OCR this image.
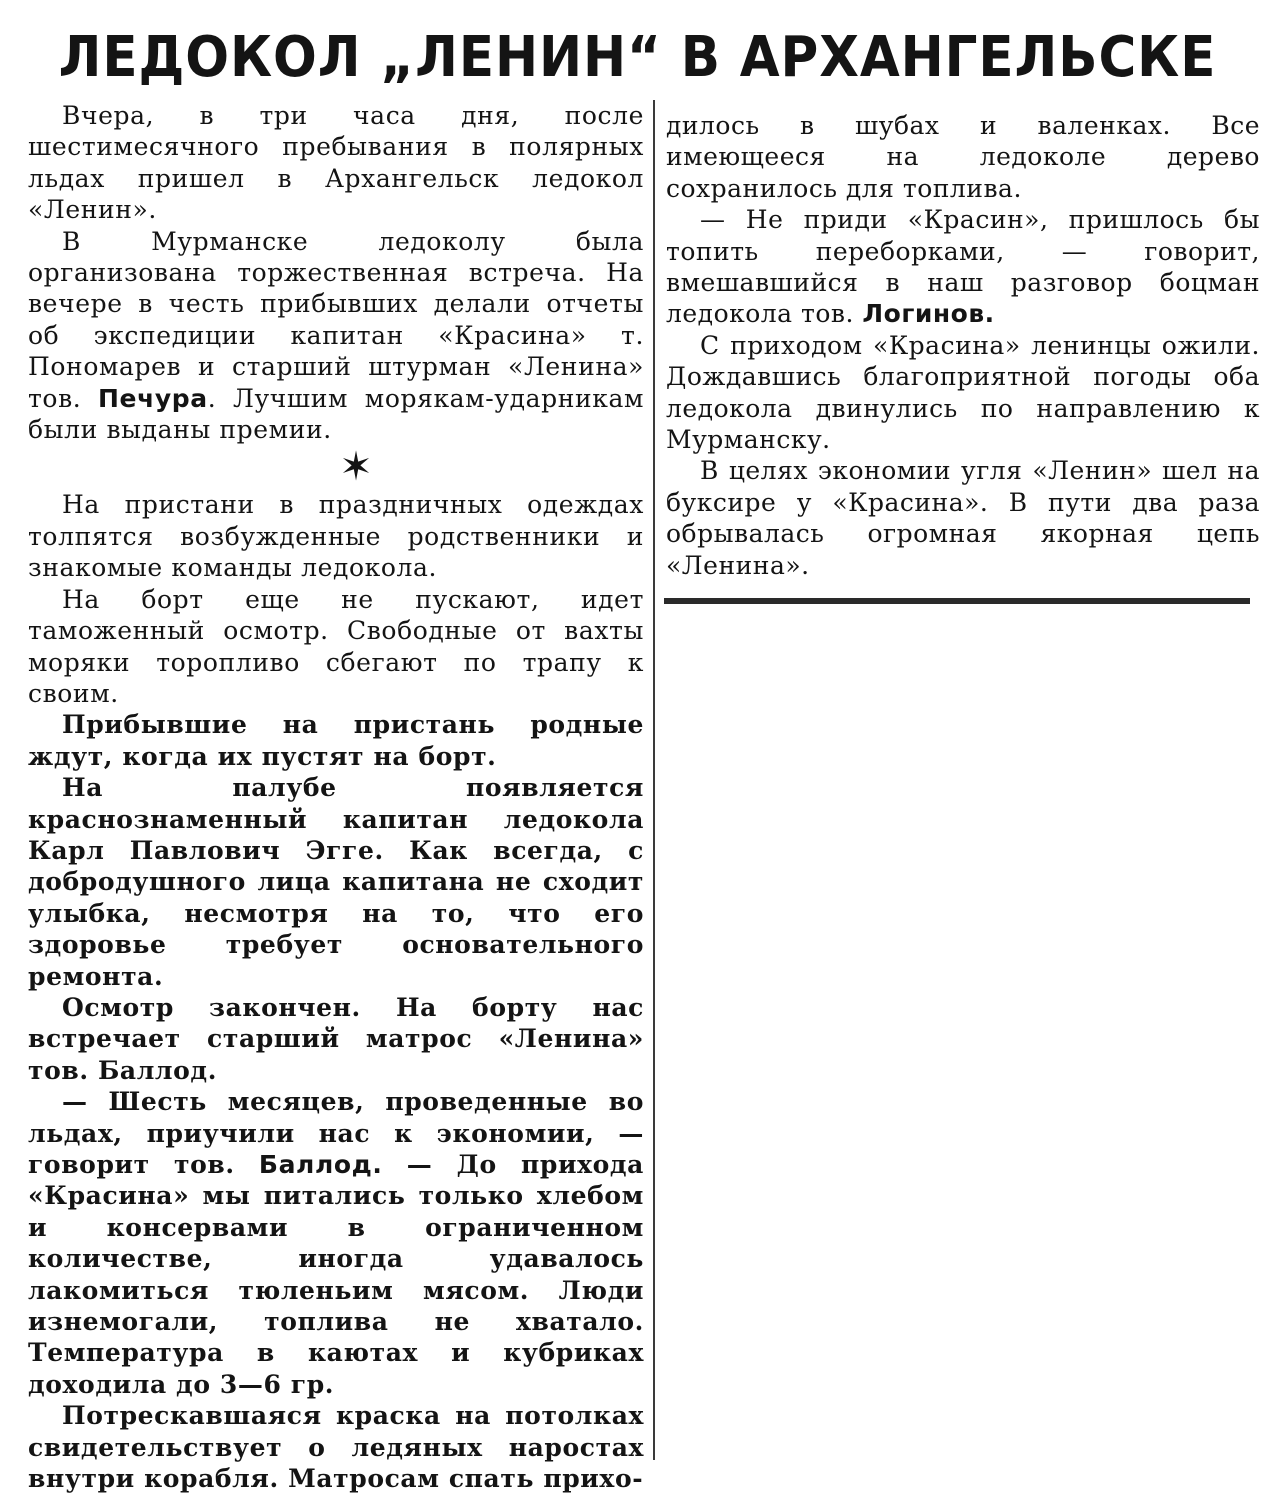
ЛЕДОКОЛ „ЛЕНИН“ В АРХАНГЕЛЬСКЕ

Вчера, в три часа дня, после шестимесячного пребывания в полярных льдах пришел в Архангельск ледокол «Ленин».

В Мурманске ледоколу была организована торжественная встреча. На вечере в честь прибывших делали отчеты об экспедиции капитан «Красина» т. Пономарев и старший штурман «Ленина» тов. Печура. Лучшим морякам-ударникам были выданы премии.

✶

На пристани в праздничных одеждах толпятся возбужденные родственники и знакомые команды ледокола.

На борт еще не пускают, идет таможенный осмотр. Свободные от вахты моряки торопливо сбегают по трапу к своим.

Прибывшие на пристань родные ждут, когда их пустят на борт.

На палубе появляется краснознаменный капитан ледокола Карл Павлович Эгге. Как всегда, с добродушного лица капитана не сходит улыбка, несмотря на то, что его здоровье требует основательного ремонта.

Осмотр закончен. На борту нас встречает старший матрос «Ленина» тов. Баллод.

— Шесть месяцев, проведенные во льдах, приучили нас к экономии, — говорит тов. Баллод. — До прихода «Красина» мы питались только хлебом и консервами в ограниченном количестве, иногда удавалось лакомиться тюленьим мясом. Люди изнемогали, топлива не хватало. Температура в каютах и кубриках доходила до 3—6 гр.

Потрескавшаяся краска на потолках свидетельствует о ледяных наростах внутри корабля. Матросам спать прихо-

дилось в шубах и валенках. Все имеющееся на ледоколе дерево сохранилось для топлива.

— Не приди «Красин», пришлось бы топить переборками, — говорит, вмешавшийся в наш разговор боцман ледокола тов. Логинов.

С приходом «Красина» ленинцы ожили. Дождавшись благоприятной погоды оба ледокола двинулись по направлению к Мурманску.

В целях экономии угля «Ленин» шел на буксире у «Красина». В пути два раза обрывалась огромная якорная цепь «Ленина».
